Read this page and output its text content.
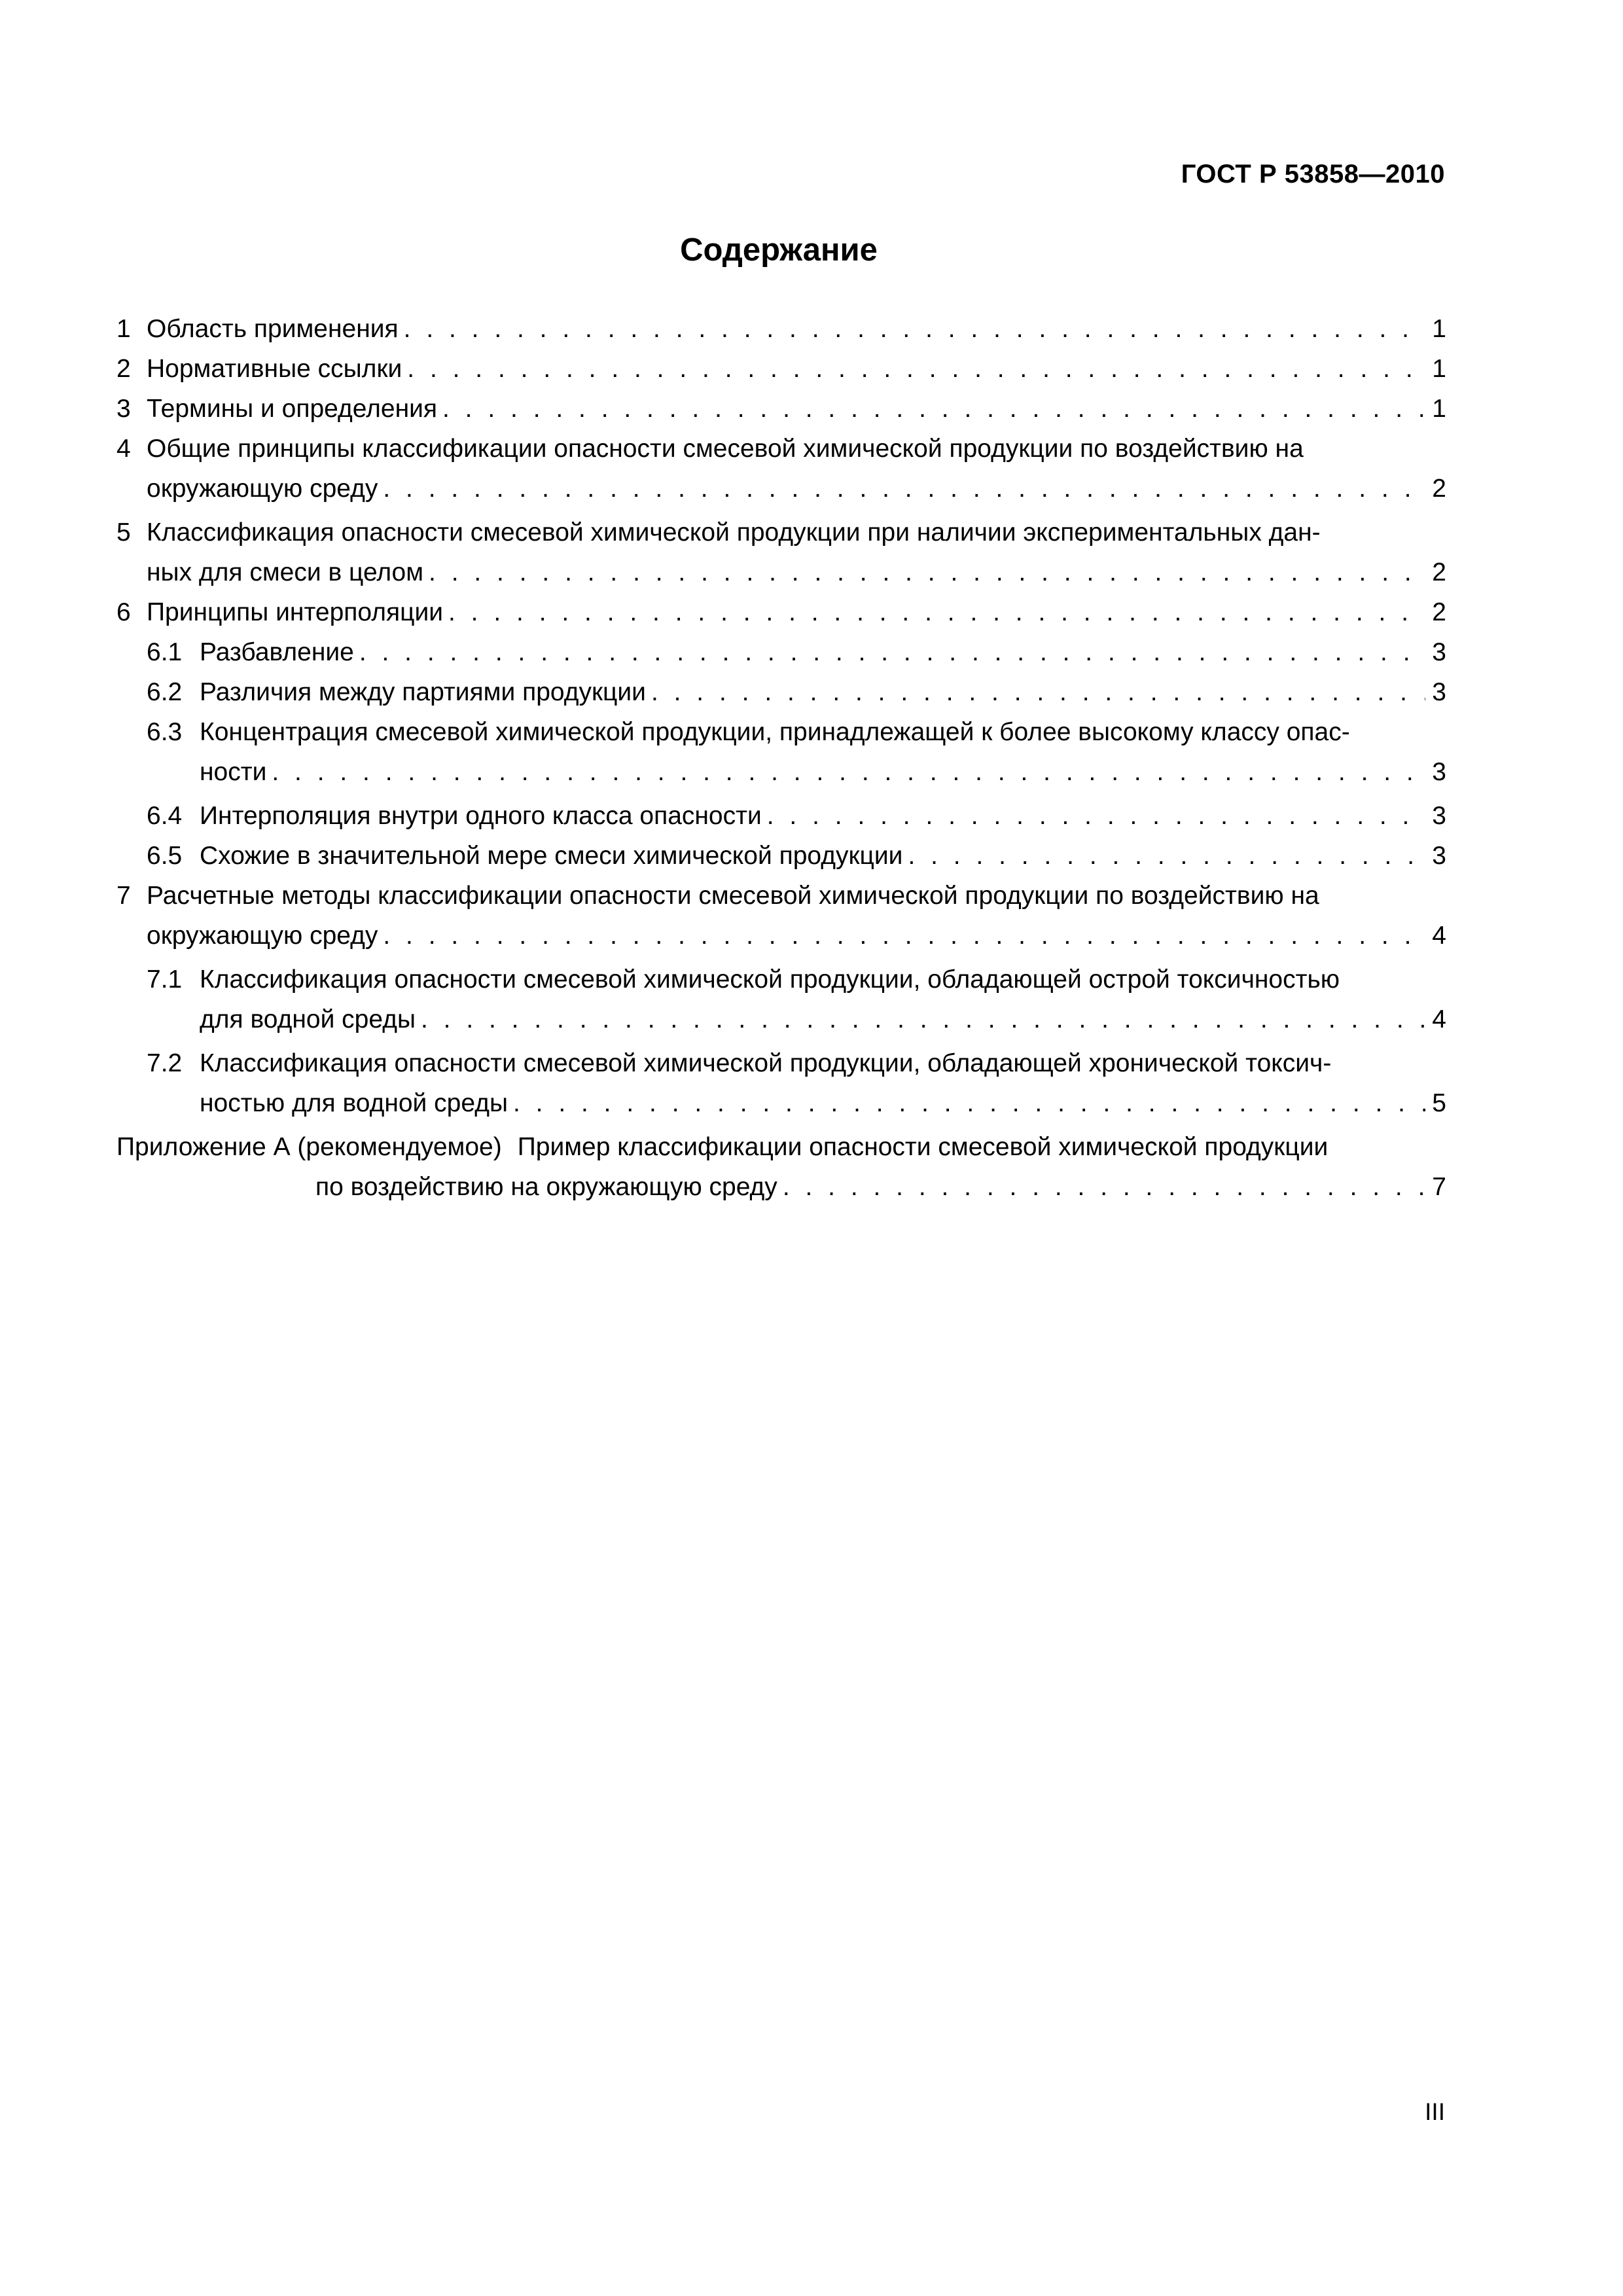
ГОСТ Р 53858—2010
Содержание
1 Область применения . . .	1
2 Нормативные ссылки . . .	1
3 Термины и определения . . .	1
4 Общие принципы классификации опасности смесевой химической продукции по воздействию на
окружающую среду . . .	2
5 Классификация опасности смесевой химической продукции при наличии экспериментальных дан-
ных для смеси в целом . . .	2
6 Принципы интерполяции . . .	2
6.1 Разбавление . . .	3
6.2 Различия между партиями продукции . . .	3
6.3 Концентрация смесевой химической продукции, принадлежащей к более высокому классу опас-
ности . . .	3
6.4 Интерполяция внутри одного класса опасности . . .	3
6.5 Схожие в значительной мере смеси химической продукции . . .	3
7 Расчетные методы классификации опасности смесевой химической продукции по воздействию на
окружающую среду . . .	4
7.1 Классификация опасности смесевой химической продукции, обладающей острой токсичностью
для водной среды . . .	4
7.2 Классификация опасности смесевой химической продукции, обладающей хронической токсич-
ностью для водной среды . . .	5
Приложение А (рекомендуемое) Пример классификации опасности смесевой химической продукции
по воздействию на окружающую среду . . .	7
III
